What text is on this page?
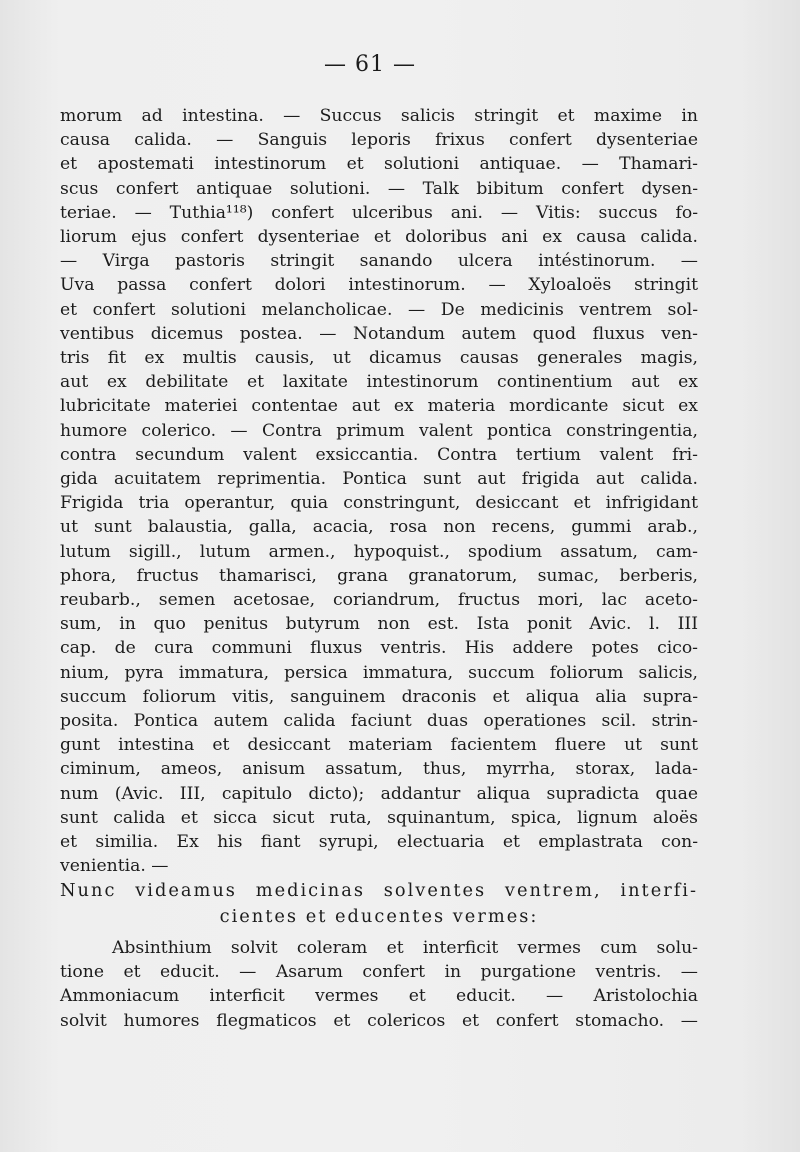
— 61 —
morum ad intestina. — Succus salicis stringit et maxime in
causa calida. — Sanguis leporis frixus confert dysenteriae
et apostemati intestinorum et solutioni antiquae. — Thamari-
scus confert antiquae solutioni. — Talk bibitum confert dysen-
teriae. — Tuthia¹¹⁸) confert ulceribus ani. — Vitis: succus fo-
liorum ejus confert dysenteriae et doloribus ani ex causa calida.
— Virga pastoris stringit sanando ulcera intéstinorum. —
Uva passa confert dolori intestinorum. — Xyloaloës stringit
et confert solutioni melancholicae. — De medicinis ventrem sol-
ventibus dicemus postea. — Notandum autem quod fluxus ven-
tris fit ex multis causis, ut dicamus causas generales magis,
aut ex debilitate et laxitate intestinorum continentium aut ex
lubricitate materiei contentae aut ex materia mordicante sicut ex
humore colerico. — Contra primum valent pontica constringentia,
contra secundum valent exsiccantia. Contra tertium valent fri-
gida acuitatem reprimentia. Pontica sunt aut frigida aut calida.
Frigida tria operantur, quia constringunt, desiccant et infrigidant
ut sunt balaustia, galla, acacia, rosa non recens, gummi arab.,
lutum sigill., lutum armen., hypoquist., spodium assatum, cam-
phora, fructus thamarisci, grana granatorum, sumac, berberis,
reubarb., semen acetosae, coriandrum, fructus mori, lac aceto-
sum, in quo penitus butyrum non est. Ista ponit Avic. l. III
cap. de cura communi fluxus ventris. His addere potes cico-
nium, pyra immatura, persica immatura, succum foliorum salicis,
succum foliorum vitis, sanguinem draconis et aliqua alia supra-
posita. Pontica autem calida faciunt duas operationes scil. strin-
gunt intestina et desiccant materiam facientem fluere ut sunt
ciminum, ameos, anisum assatum, thus, myrrha, storax, lada-
num (Avic. III, capitulo dicto); addantur aliqua supradicta quae
sunt calida et sicca sicut ruta, squinantum, spica, lignum aloës
et similia. Ex his fiant syrupi, electuaria et emplastrata con-
venientia. —
Nunc videamus medicinas solventes ventrem, interfi-
cientes et educentes vermes:
Absinthium solvit coleram et interficit vermes cum solu-
tione et educit. — Asarum confert in purgatione ventris. —
Ammoniacum interficit vermes et educit. — Aristolochia
solvit humores flegmaticos et colericos et confert stomacho. —
